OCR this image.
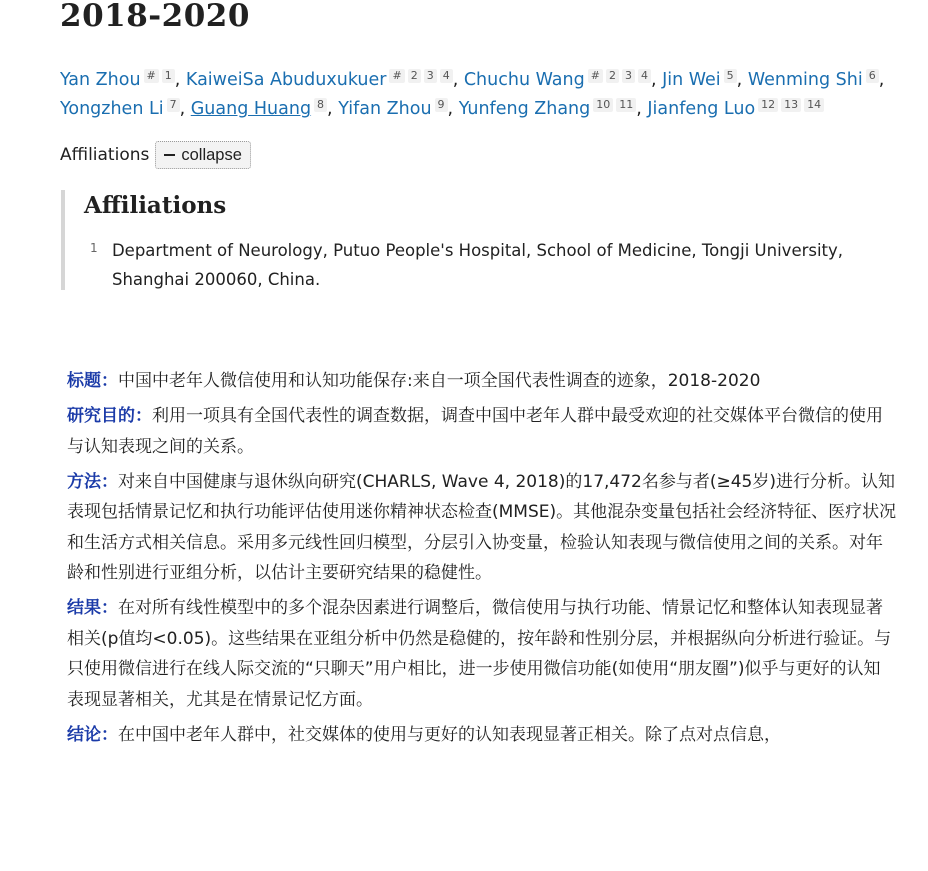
2018-2020
Yan Zhou # 1 , KaiweiSa Abuduxukuer # 2 3 4 , Chuchu Wang # 2 3 4 , Jin Wei 5 , Wenming Shi 6 ,
Yongzhen Li 7 , Guang Huang 8 , Yifan Zhou 9 , Yunfeng Zhang 10 11 , Jianfeng Luo 12 13 14
Affiliations collapse
Affiliations
1 Department of Neurology, Putuo People's Hospital, School of Medicine, Tongji University, Shanghai 200060, China.

标题：中国中老年人微信使用和认知功能保存:来自一项全国代表性调查的迹象，2018-2020

研究目的：利用一项具有全国代表性的调查数据，调查中国中老年人群中最受欢迎的社交媒体平台微信的使用与认知表现之间的关系。

方法：对来自中国健康与退休纵向研究(CHARLS, Wave 4, 2018)的17,472名参与者(≥45岁)进行分析。认知表现包括情景记忆和执行功能评估使用迷你精神状态检查(MMSE)。其他混杂变量包括社会经济特征、医疗状况和生活方式相关信息。采用多元线性回归模型，分层引入协变量，检验认知表现与微信使用之间的关系。对年龄和性别进行亚组分析，以估计主要研究结果的稳健性。

结果：在对所有线性模型中的多个混杂因素进行调整后，微信使用与执行功能、情景记忆和整体认知表现显著相关(p值均<0.05)。这些结果在亚组分析中仍然是稳健的，按年龄和性别分层，并根据纵向分析进行验证。与只使用微信进行在线人际交流的“只聊天”用户相比，进一步使用微信功能(如使用“朋友圈”)似乎与更好的认知表现显著相关，尤其是在情景记忆方面。

结论：在中国中老年人群中，社交媒体的使用与更好的认知表现显著正相关。除了点对点信息，
